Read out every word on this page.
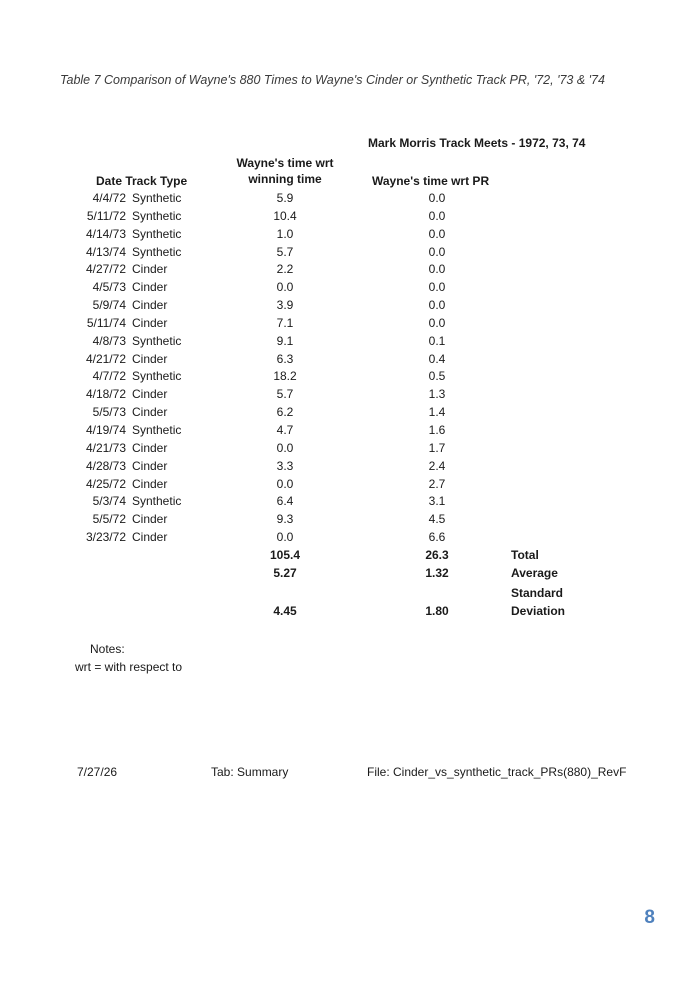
Table 7 Comparison of Wayne's 880 Times to Wayne's Cinder or Synthetic Track PR, '72, '73 & '74
Mark Morris Track Meets - 1972, 73, 74
Date Track Type
Wayne's time wrt
winning time	Wayne's time wrt PR
4/4/72 Synthetic	5.9	0.0
5/11/72 Synthetic	10.4	0.0
4/14/73 Synthetic	1.0	0.0
4/13/74 Synthetic	5.7	0.0
4/27/72 Cinder	2.2	0.0
4/5/73 Cinder	0.0	0.0
5/9/74 Cinder	3.9	0.0
5/11/74 Cinder	7.1	0.0
4/8/73 Synthetic	9.1	0.1
4/21/72 Cinder	6.3	0.4
4/7/72 Synthetic	18.2	0.5
4/18/72 Cinder	5.7	1.3
5/5/73 Cinder	6.2	1.4
4/19/74 Synthetic	4.7	1.6
4/21/73 Cinder	0.0	1.7
4/28/73 Cinder	3.3	2.4
4/25/72 Cinder	0.0	2.7
5/3/74 Synthetic	6.4	3.1
5/5/72 Cinder	9.3	4.5
3/23/72 Cinder	0.0	6.6
105.4	26.3	Total
5.27	1.32	Average
Standard
4.45	1.80	Deviation
Notes:
wrt = with respect to
7/27/26	Tab: Summary	File: Cinder_vs_synthetic_track_PRs(880)_RevF
8
